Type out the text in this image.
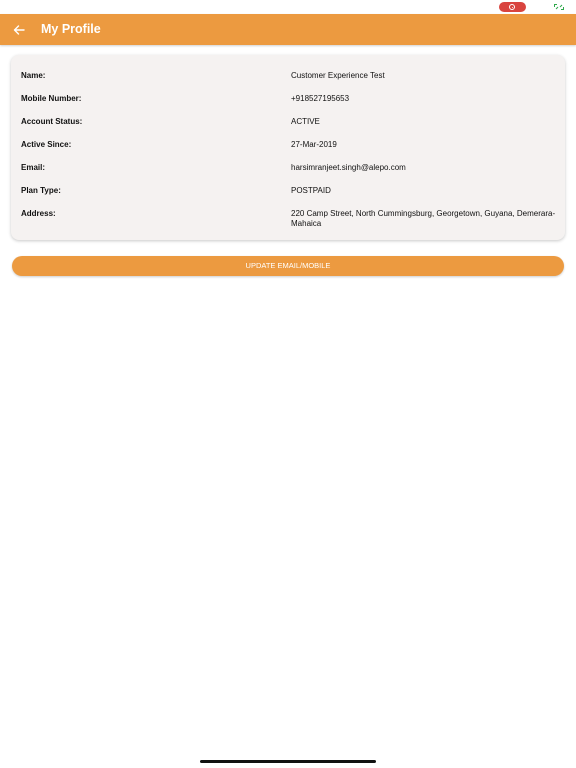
My Profile
Name:	Customer Experience Test
Mobile Number:	+918527195653
Account Status:	ACTIVE
Active Since:	27-Mar-2019
Email:	harsimranjeet.singh@alepo.com
Plan Type:	POSTPAID
Address:	220 Camp Street, North Cummingsburg, Georgetown, Guyana, Demerara-Mahaica
UPDATE EMAIL/MOBILE
